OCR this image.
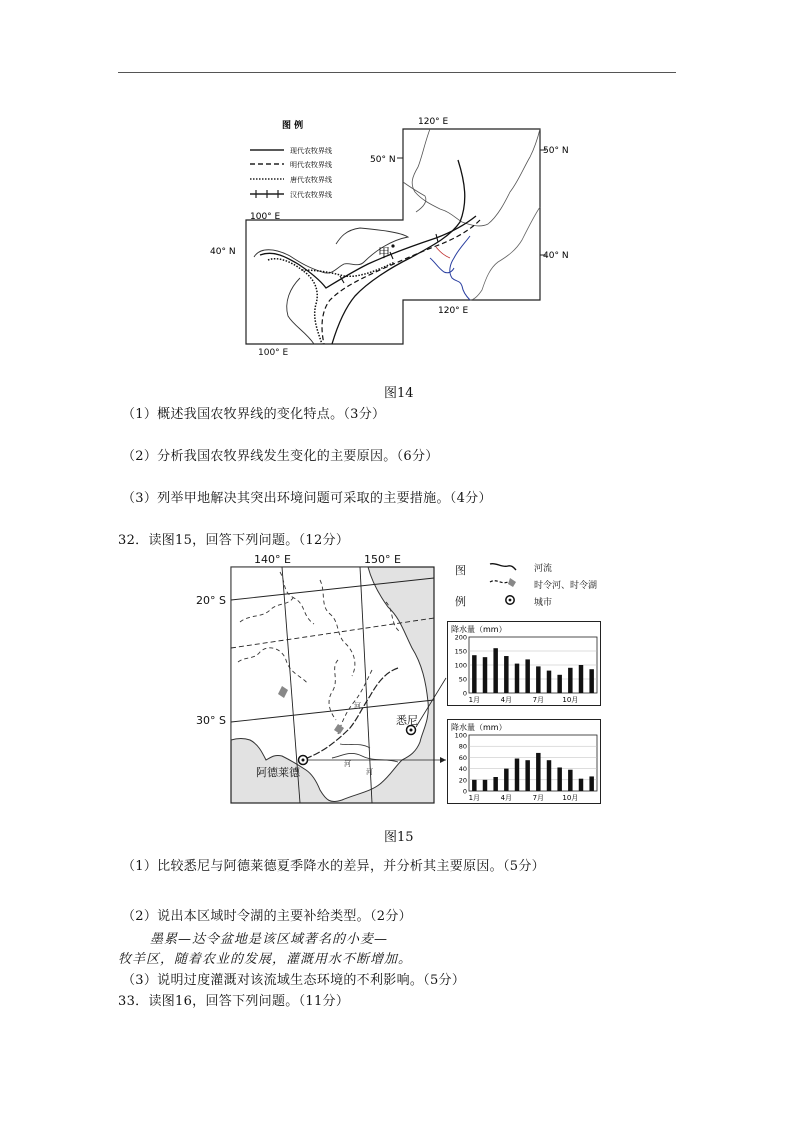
图 例
现代农牧界线
明代农牧界线
唐代农牧界线
汉代农牧界线
120° E
120° E
100° E
50° N
50° N
40° N	40° N
甲
100° E
图14
（1）概述我国农牧界线的变化特点。（3分）
（2）分析我国农牧界线发生变化的主要原因。（6分）
（3）列举甲地解决其突出环境问题可采取的主要措施。（4分）
32．读图15，回答下列问题。（12分）
河
河
河
140° E	150° E
20° S
30° S	悉尼
阿德莱德
图
例
河流
时令河、时令湖
城市
降水量（mm）
0
50
100
150
200
1月	4月	7月	10月
降水量（mm）
0
20
40
60
80
100
1月	4月	7月	10月
图15
（1）比较悉尼与阿德莱德夏季降水的差异，并分析其主要原因。（5分）
（2）说出本区域时令湖的主要补给类型。（2分）
墨累—达令盆地是该区域著名的小麦—
牧羊区，随着农业的发展，灌溉用水不断增加。
（3）说明过度灌溉对该流域生态环境的不利影响。（5分）
33．读图16，回答下列问题。（11分）
